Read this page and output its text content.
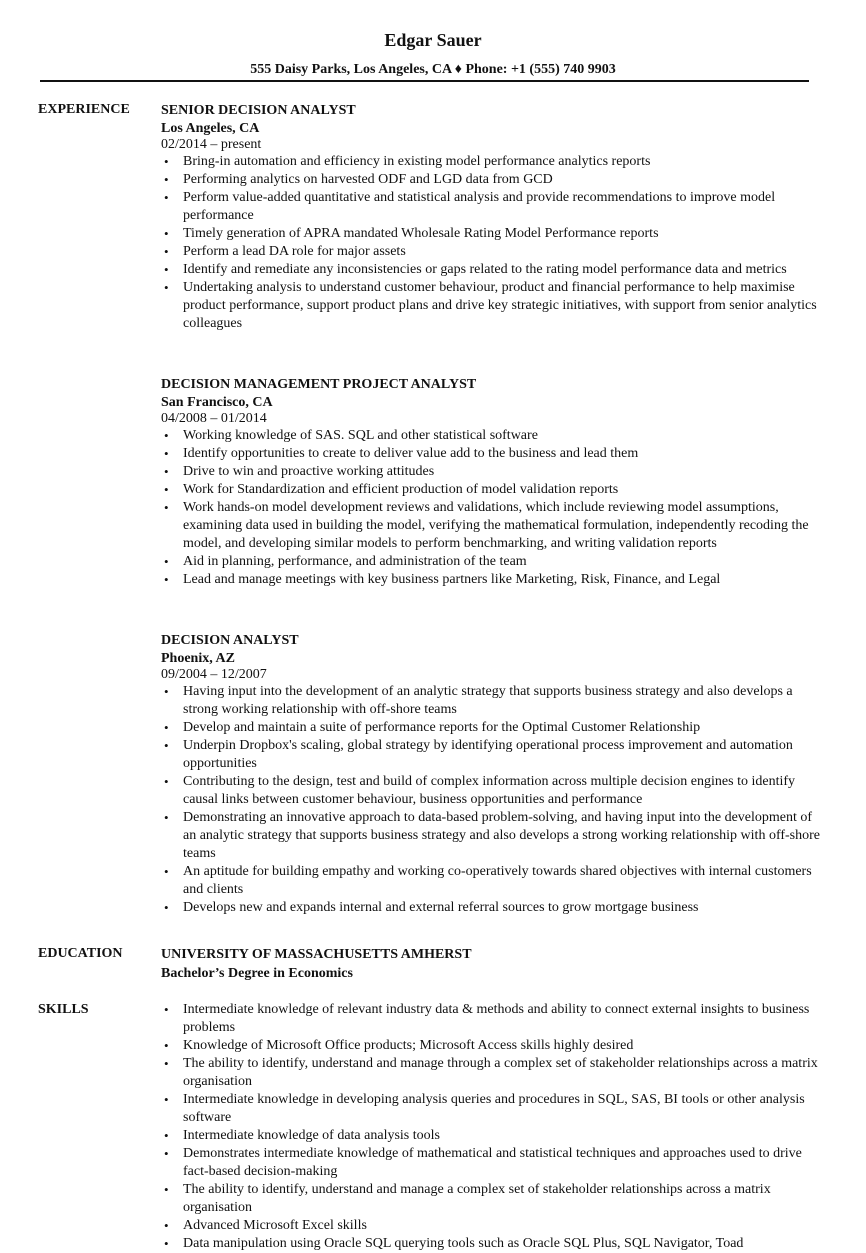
Edgar Sauer
555 Daisy Parks, Los Angeles, CA ♦ Phone: +1 (555) 740 9903
EXPERIENCE SENIOR DECISION ANALYST
Los Angeles, CA
02/2014 – present
• Bring-in automation and efficiency in existing model performance analytics reports
• Performing analytics on harvested ODF and LGD data from GCD
• Perform value-added quantitative and statistical analysis and provide recommendations to improve model performance
• Timely generation of APRA mandated Wholesale Rating Model Performance reports
• Perform a lead DA role for major assets
• Identify and remediate any inconsistencies or gaps related to the rating model performance data and metrics
• Undertaking analysis to understand customer behaviour, product and financial performance to help maximise product performance, support product plans and drive key strategic initiatives, with support from senior analytics colleagues
DECISION MANAGEMENT PROJECT ANALYST
San Francisco, CA
04/2008 – 01/2014
• Working knowledge of SAS. SQL and other statistical software
• Identify opportunities to create to deliver value add to the business and lead them
• Drive to win and proactive working attitudes
• Work for Standardization and efficient production of model validation reports
• Work hands-on model development reviews and validations, which include reviewing model assumptions, examining data used in building the model, verifying the mathematical formulation, independently recoding the model, and developing similar models to perform benchmarking, and writing validation reports
• Aid in planning, performance, and administration of the team
• Lead and manage meetings with key business partners like Marketing, Risk, Finance, and Legal
DECISION ANALYST
Phoenix, AZ
09/2004 – 12/2007
• Having input into the development of an analytic strategy that supports business strategy and also develops a strong working relationship with off-shore teams
• Develop and maintain a suite of performance reports for the Optimal Customer Relationship
• Underpin Dropbox's scaling, global strategy by identifying operational process improvement and automation opportunities
• Contributing to the design, test and build of complex information across multiple decision engines to identify causal links between customer behaviour, business opportunities and performance
• Demonstrating an innovative approach to data-based problem-solving, and having input into the development of an analytic strategy that supports business strategy and also develops a strong working relationship with off-shore teams
• An aptitude for building empathy and working co-operatively towards shared objectives with internal customers and clients
• Develops new and expands internal and external referral sources to grow mortgage business
EDUCATION	UNIVERSITY OF MASSACHUSETTS AMHERST
Bachelor’s Degree in Economics
SKILLS
•	Intermediate knowledge of relevant industry data & methods and ability to connect external insights to business problems
• Knowledge of Microsoft Office products; Microsoft Access skills highly desired
• The ability to identify, understand and manage through a complex set of stakeholder relationships across a matrix organisation
• Intermediate knowledge in developing analysis queries and procedures in SQL, SAS, BI tools or other analysis software
• Intermediate knowledge of data analysis tools
• Demonstrates intermediate knowledge of mathematical and statistical techniques and approaches used to drive fact-based decision-making
• The ability to identify, understand and manage a complex set of stakeholder relationships across a matrix organisation
• Advanced Microsoft Excel skills
• Data manipulation using Oracle SQL querying tools such as Oracle SQL Plus, SQL Navigator, Toad
